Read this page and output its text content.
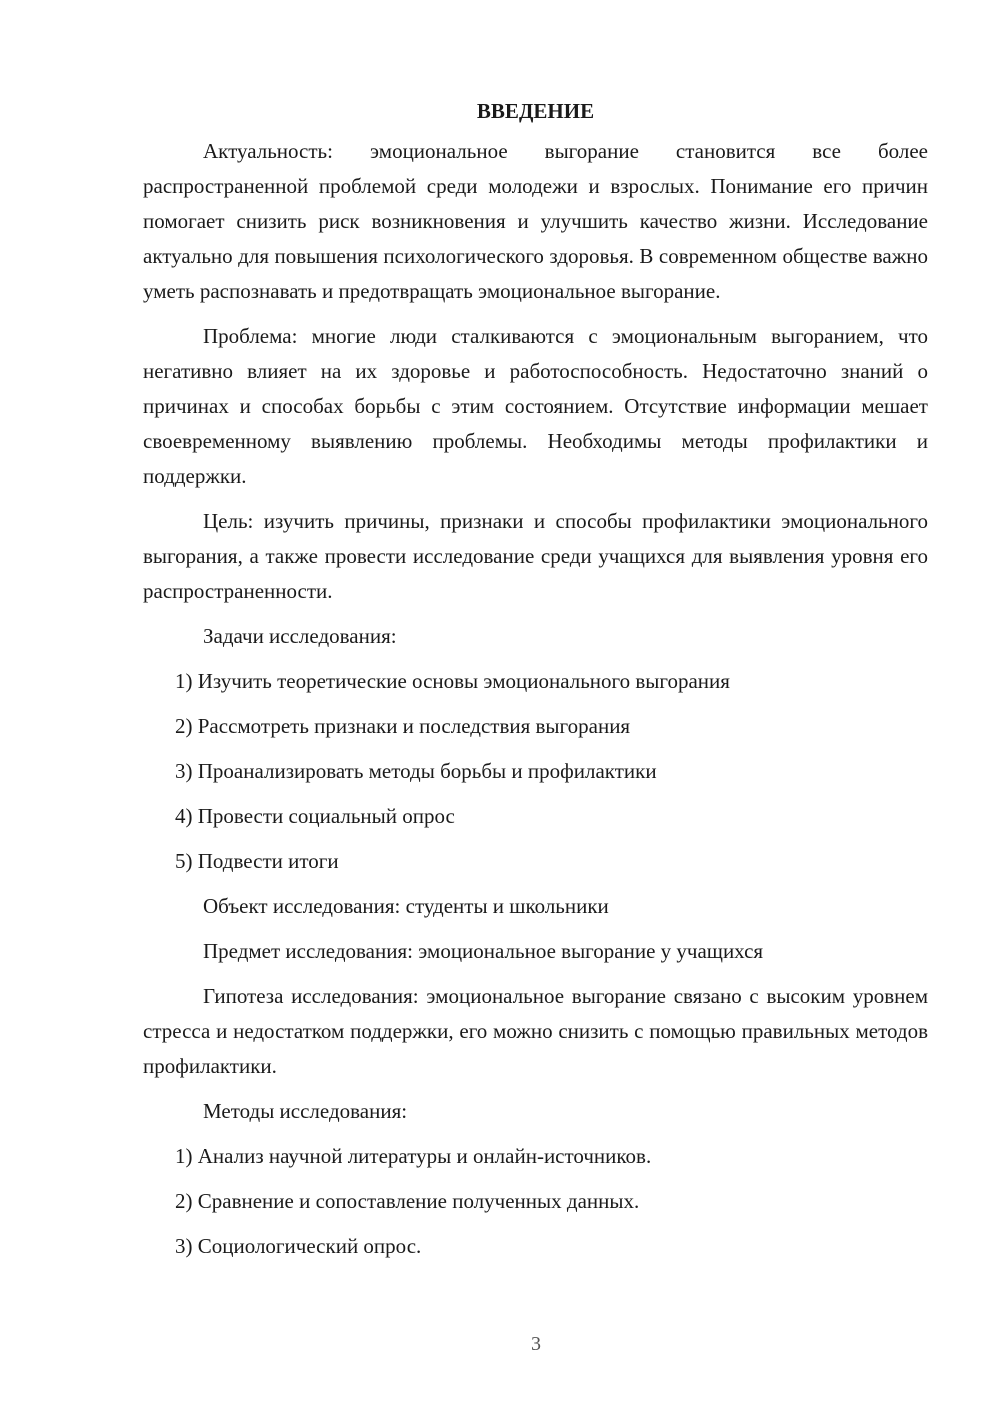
ВВЕДЕНИЕ
Актуальность: эмоциональное выгорание становится все более распространенной проблемой среди молодежи и взрослых. Понимание его причин помогает снизить риск возникновения и улучшить качество жизни. Исследование актуально для повышения психологического здоровья. В современном обществе важно уметь распознавать и предотвращать эмоциональное выгорание.
Проблема: многие люди сталкиваются с эмоциональным выгоранием, что негативно влияет на их здоровье и работоспособность. Недостаточно знаний о причинах и способах борьбы с этим состоянием. Отсутствие информации мешает своевременному выявлению проблемы. Необходимы методы профилактики и поддержки.
Цель: изучить причины, признаки и способы профилактики эмоционального выгорания, а также провести исследование среди учащихся для выявления уровня его распространенности.
Задачи исследования:
1) Изучить теоретические основы эмоционального выгорания
2) Рассмотреть признаки и последствия выгорания
3) Проанализировать методы борьбы и профилактики
4) Провести социальный опрос
5) Подвести итоги
Объект исследования: студенты и школьники
Предмет исследования: эмоциональное выгорание у учащихся
Гипотеза исследования: эмоциональное выгорание связано с высоким уровнем стресса и недостатком поддержки, его можно снизить с помощью правильных методов профилактики.
Методы исследования:
1) Анализ научной литературы и онлайн-источников.
2) Сравнение и сопоставление полученных данных.
3) Социологический опрос.
3
